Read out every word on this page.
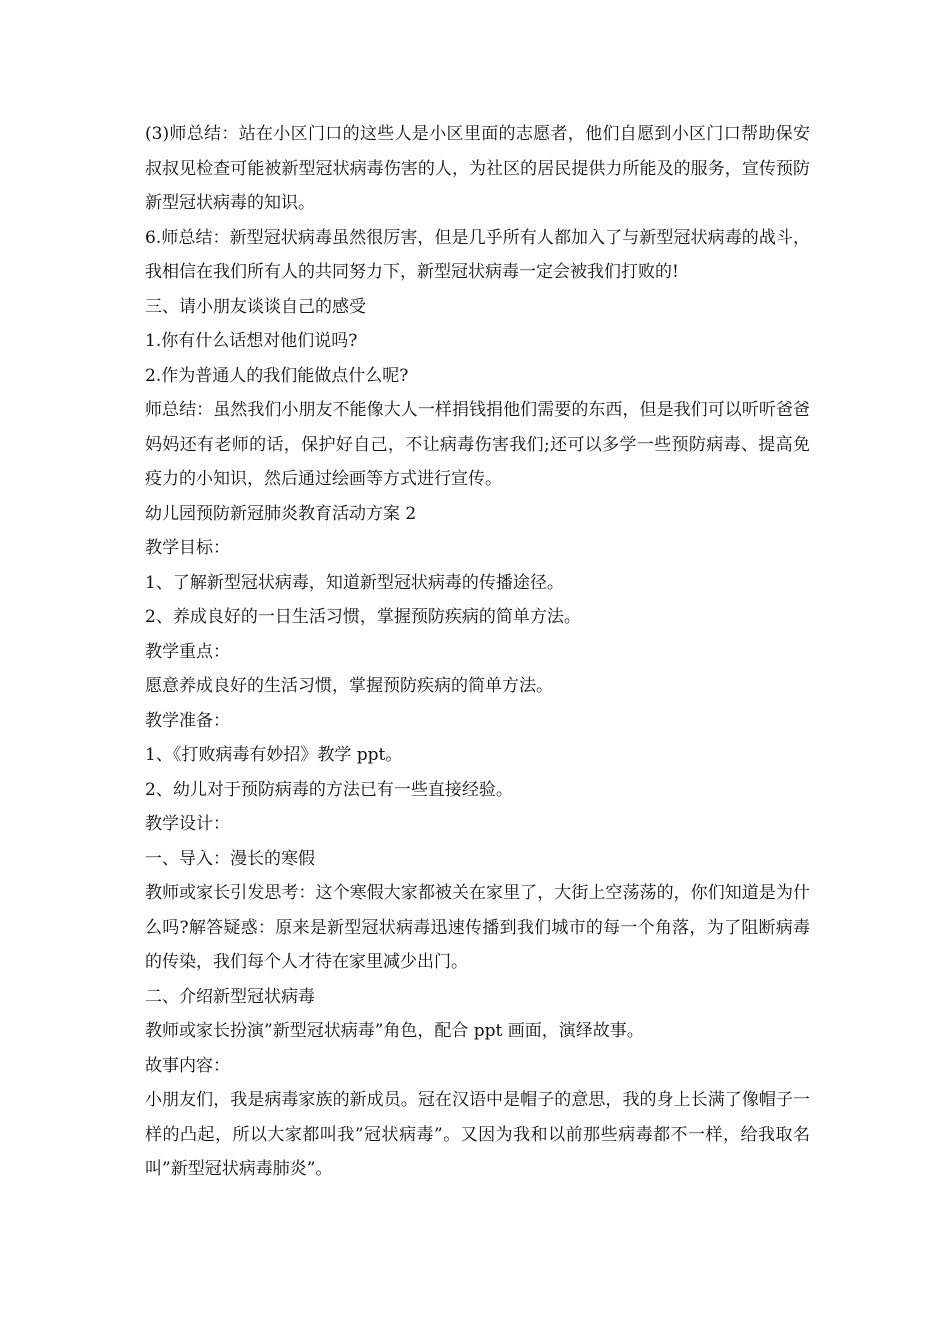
(3)师总结：站在小区门口的这些人是小区里面的志愿者，他们自愿到小区门口帮助保安叔叔见检查可能被新型冠状病毒伤害的人，为社区的居民提供力所能及的服务，宣传预防新型冠状病毒的知识。

6.师总结：新型冠状病毒虽然很厉害，但是几乎所有人都加入了与新型冠状病毒的战斗，我相信在我们所有人的共同努力下，新型冠状病毒一定会被我们打败的!

三、请小朋友谈谈自己的感受

1.你有什么话想对他们说吗?

2.作为普通人的我们能做点什么呢?

师总结：虽然我们小朋友不能像大人一样捐钱捐他们需要的东西，但是我们可以听听爸爸妈妈还有老师的话，保护好自己，不让病毒伤害我们;还可以多学一些预防病毒、提高免疫力的小知识，然后通过绘画等方式进行宣传。

幼儿园预防新冠肺炎教育活动方案 2

教学目标：

1、了解新型冠状病毒，知道新型冠状病毒的传播途径。

2、养成良好的一日生活习惯，掌握预防疾病的简单方法。

教学重点：

愿意养成良好的生活习惯，掌握预防疾病的简单方法。

教学准备：

1、《打败病毒有妙招》教学 ppt。

2、幼儿对于预防病毒的方法已有一些直接经验。

教学设计：

一、导入：漫长的寒假

教师或家长引发思考：这个寒假大家都被关在家里了，大街上空荡荡的，你们知道是为什么吗?解答疑惑：原来是新型冠状病毒迅速传播到我们城市的每一个角落，为了阻断病毒的传染，我们每个人才待在家里减少出门。

二、介绍新型冠状病毒

教师或家长扮演”新型冠状病毒”角色，配合 ppt 画面，演绎故事。

故事内容：

小朋友们，我是病毒家族的新成员。冠在汉语中是帽子的意思，我的身上长满了像帽子一样的凸起，所以大家都叫我”冠状病毒”。又因为我和以前那些病毒都不一样，给我取名叫”新型冠状病毒肺炎”。
